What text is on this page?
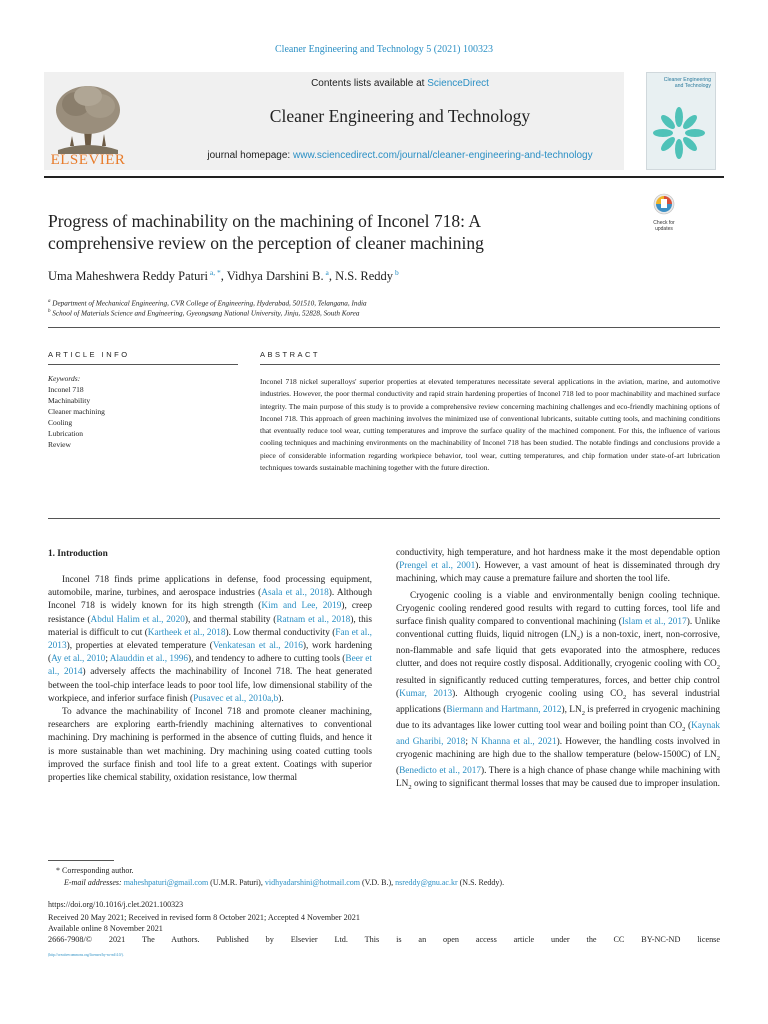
Cleaner Engineering and Technology 5 (2021) 100323
ELSEVIER
Contents lists available at ScienceDirect
Cleaner Engineering and Technology
journal homepage: www.sciencedirect.com/journal/cleaner-engineering-and-technology
Cleaner Engineering and Technology
Check for updates
Progress of machinability on the machining of Inconel 718: A
comprehensive review on the perception of cleaner machining
Uma Maheshwera Reddy Paturi $^{a, *}$, Vidhya Darshini B. $^a$, N.S. Reddy $^b$
$^a$ Department of Mechanical Engineering, CVR College of Engineering, Hyderabad, 501510, Telangana, India
$^b$ School of Materials Science and Engineering, Gyeongsang National University, Jinju, 52828, South Korea
ARTICLE INFO	ABSTRACT
Keywords:
Inconel 718
Machinability
Cleaner machining
Cooling
Lubrication
Review
Inconel 718 nickel superalloys' superior properties at elevated temperatures necessitate several applications in the aviation, marine, and automotive industries. However, the poor thermal conductivity and rapid strain hardening properties of Inconel 718 led to poor machinability and machined surface integrity. The main purpose of this study is to provide a comprehensive review concerning machining challenges and eco-friendly machining options of Inconel 718. This approach of green machining involves the minimized use of conventional lubricants, suitable cutting tools, and machining conditions that eventually reduce tool wear, cutting temperatures and improve the surface quality of the machined component. For this, the influence of various cooling techniques and machining environments on the machinability of Inconel 718 has been studied. The notable findings and conclusions provide a piece of considerable information regarding workpiece behavior, tool wear, cutting temperatures, and chip formation under state-of-art lubrication techniques towards sustainable machining together with the future direction.
1. Introduction

Inconel 718 finds prime applications in defense, food processing equipment, automobile, marine, turbines, and aerospace industries (Asala et al., 2018). Although Inconel 718 is widely known for its high strength (Kim and Lee, 2019), creep resistance (Abdul Halim et al., 2020), and thermal stability (Ratnam et al., 2018), this material is difficult to cut (Kartheek et al., 2018). Low thermal conductivity (Fan et al., 2013), properties at elevated temperature (Venkatesan et al., 2016), work hardening (Ay et al., 2010; Alauddin et al., 1996), and tendency to adhere to cutting tools (Beer et al., 2014) adversely affects the machinability of Inconel 718. The heat generated between the tool-chip interface leads to poor tool life, low dimensional stability of the workpiece, and inferior surface finish (Pusavec et al., 2010a,b).

To advance the machinability of Inconel 718 and promote cleaner machining, researchers are exploring earth-friendly machining alternatives to conventional machining. Dry machining is performed in the absence of cutting fluids, and hence it is more sustainable than wet machining. Dry machining using coated cutting tools improved the surface finish and tool life to a great extent. Coatings with superior properties like chemical stability, oxidation resistance, low thermal

conductivity, high temperature, and hot hardness make it the most dependable option (Prengel et al., 2001). However, a vast amount of heat is disseminated through dry machining, which may cause a premature failure and shorten the tool life.

Cryogenic cooling is a viable and environmentally benign cooling technique. Cryogenic cooling rendered good results with regard to cutting forces, tool life and surface finish quality compared to conventional machining (Islam et al., 2017). Unlike conventional cutting fluids, liquid nitrogen $(LN_2)$ is a non-toxic, inert, non-corrosive, non-flammable and safe liquid that gets evaporated into the atmosphere, reduces clutter, and does not require costly disposal. Additionally, cryogenic cooling with $CO_2$ resulted in significantly reduced cutting temperatures, forces, and better chip control (Kumar, 2013). Although cryogenic cooling using $CO_2$ has several industrial applications (Biermann and Hartmann, 2012), $LN_2$ is preferred in cryogenic machining due to its advantages like lower cutting tool wear and boiling point than $CO_2$ (Kaynak and Gharibi, 2018; N Khanna et al., 2021). However, the handling costs involved in cryogenic machining are high due to the shallow temperature (below-1500C) of $LN_2$ (Benedicto et al., 2017). There is a high chance of phase change while machining with $LN_2$ owing to significant thermal losses that may be caused due to improper insulation.

* Corresponding author.
E-mail addresses: maheshpaturi@gmail.com (U.M.R. Paturi), vidhyadarshini@hotmail.com (V.D. B.), nsreddy@gnu.ac.kr (N.S. Reddy).
https://doi.org/10.1016/j.clet.2021.100323
Received 20 May 2021; Received in revised form 8 October 2021; Accepted 4 November 2021
Available online 8 November 2021
2666-7908/© 2021 The Authors. Published by Elsevier Ltd. This is an open access article under the CC BY-NC-ND license
(http://creativecommons.org/licenses/by-nc-nd/4.0/).
